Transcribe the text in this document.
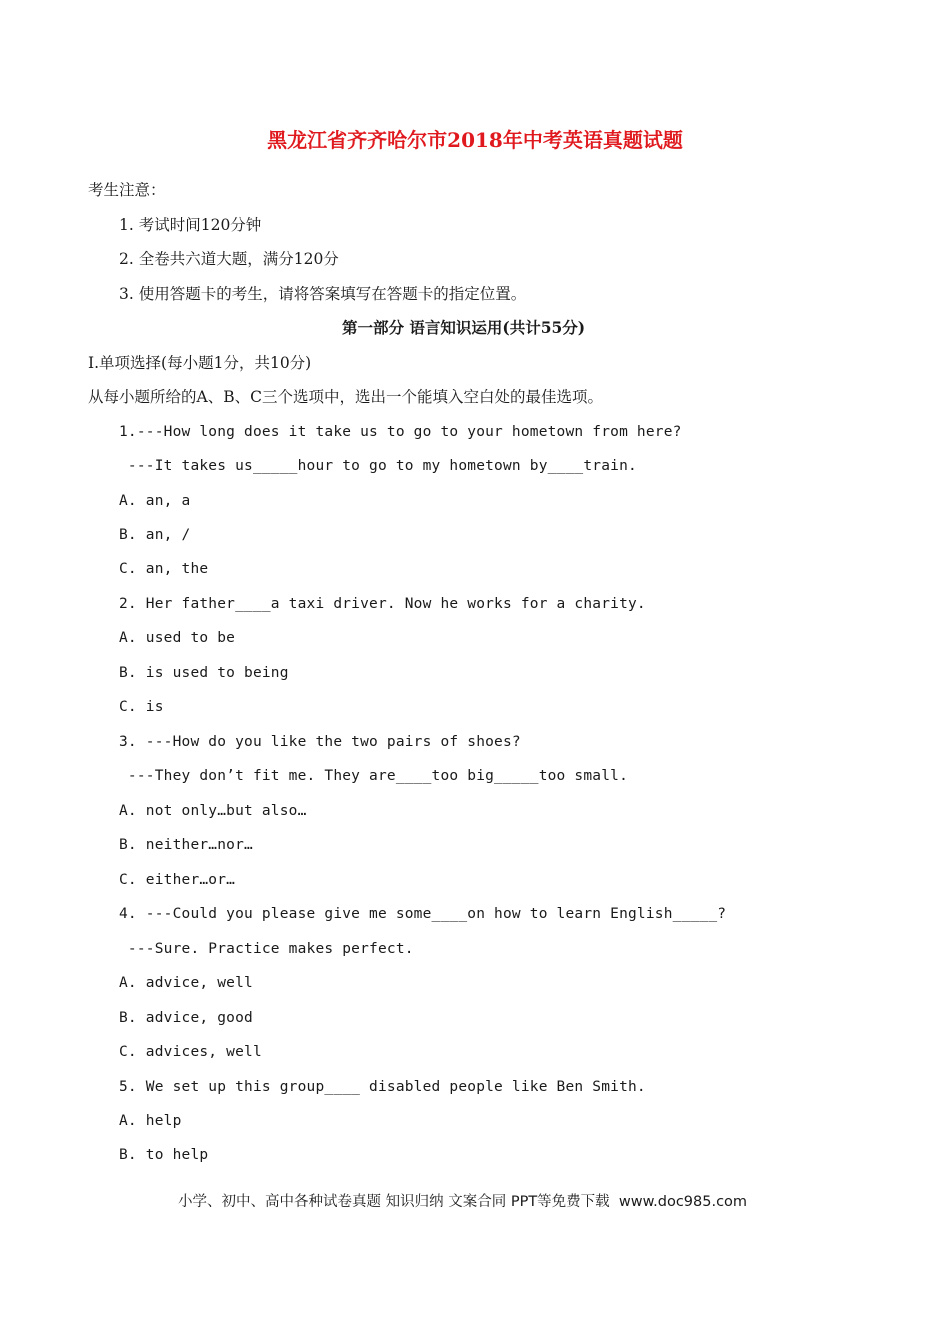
黑龙江省齐齐哈尔市2018年中考英语真题试题
考生注意：
1. 考试时间120分钟
2. 全卷共六道大题，满分120分
3. 使用答题卡的考生，请将答案填写在答题卡的指定位置。
第一部分 语言知识运用(共计55分)
Ⅰ.单项选择(每小题1分，共10分)
从每小题所给的A、B、C三个选项中，选出一个能填入空白处的最佳选项。
1.---How long does it take us to go to your hometown from here?
---It takes us_____hour to go to my hometown by____train.
A. an, a
B. an, /
C. an, the
2. Her father____a taxi driver. Now he works for a charity.
A. used to be
B. is used to being
C. is
3. ---How do you like the two pairs of shoes?
---They don’t fit me. They are____too big_____too small.
A. not only…but also…
B. neither…nor…
C. either…or…
4. ---Could you please give me some____on how to learn English_____?
---Sure. Practice makes perfect.
A. advice, well
B. advice, good
C. advices, well
5. We set up this group____ disabled people like Ben Smith.
A. help
B. to help
小学、初中、高中各种试卷真题 知识归纳 文案合同 PPT等免费下载  www.doc985.com
